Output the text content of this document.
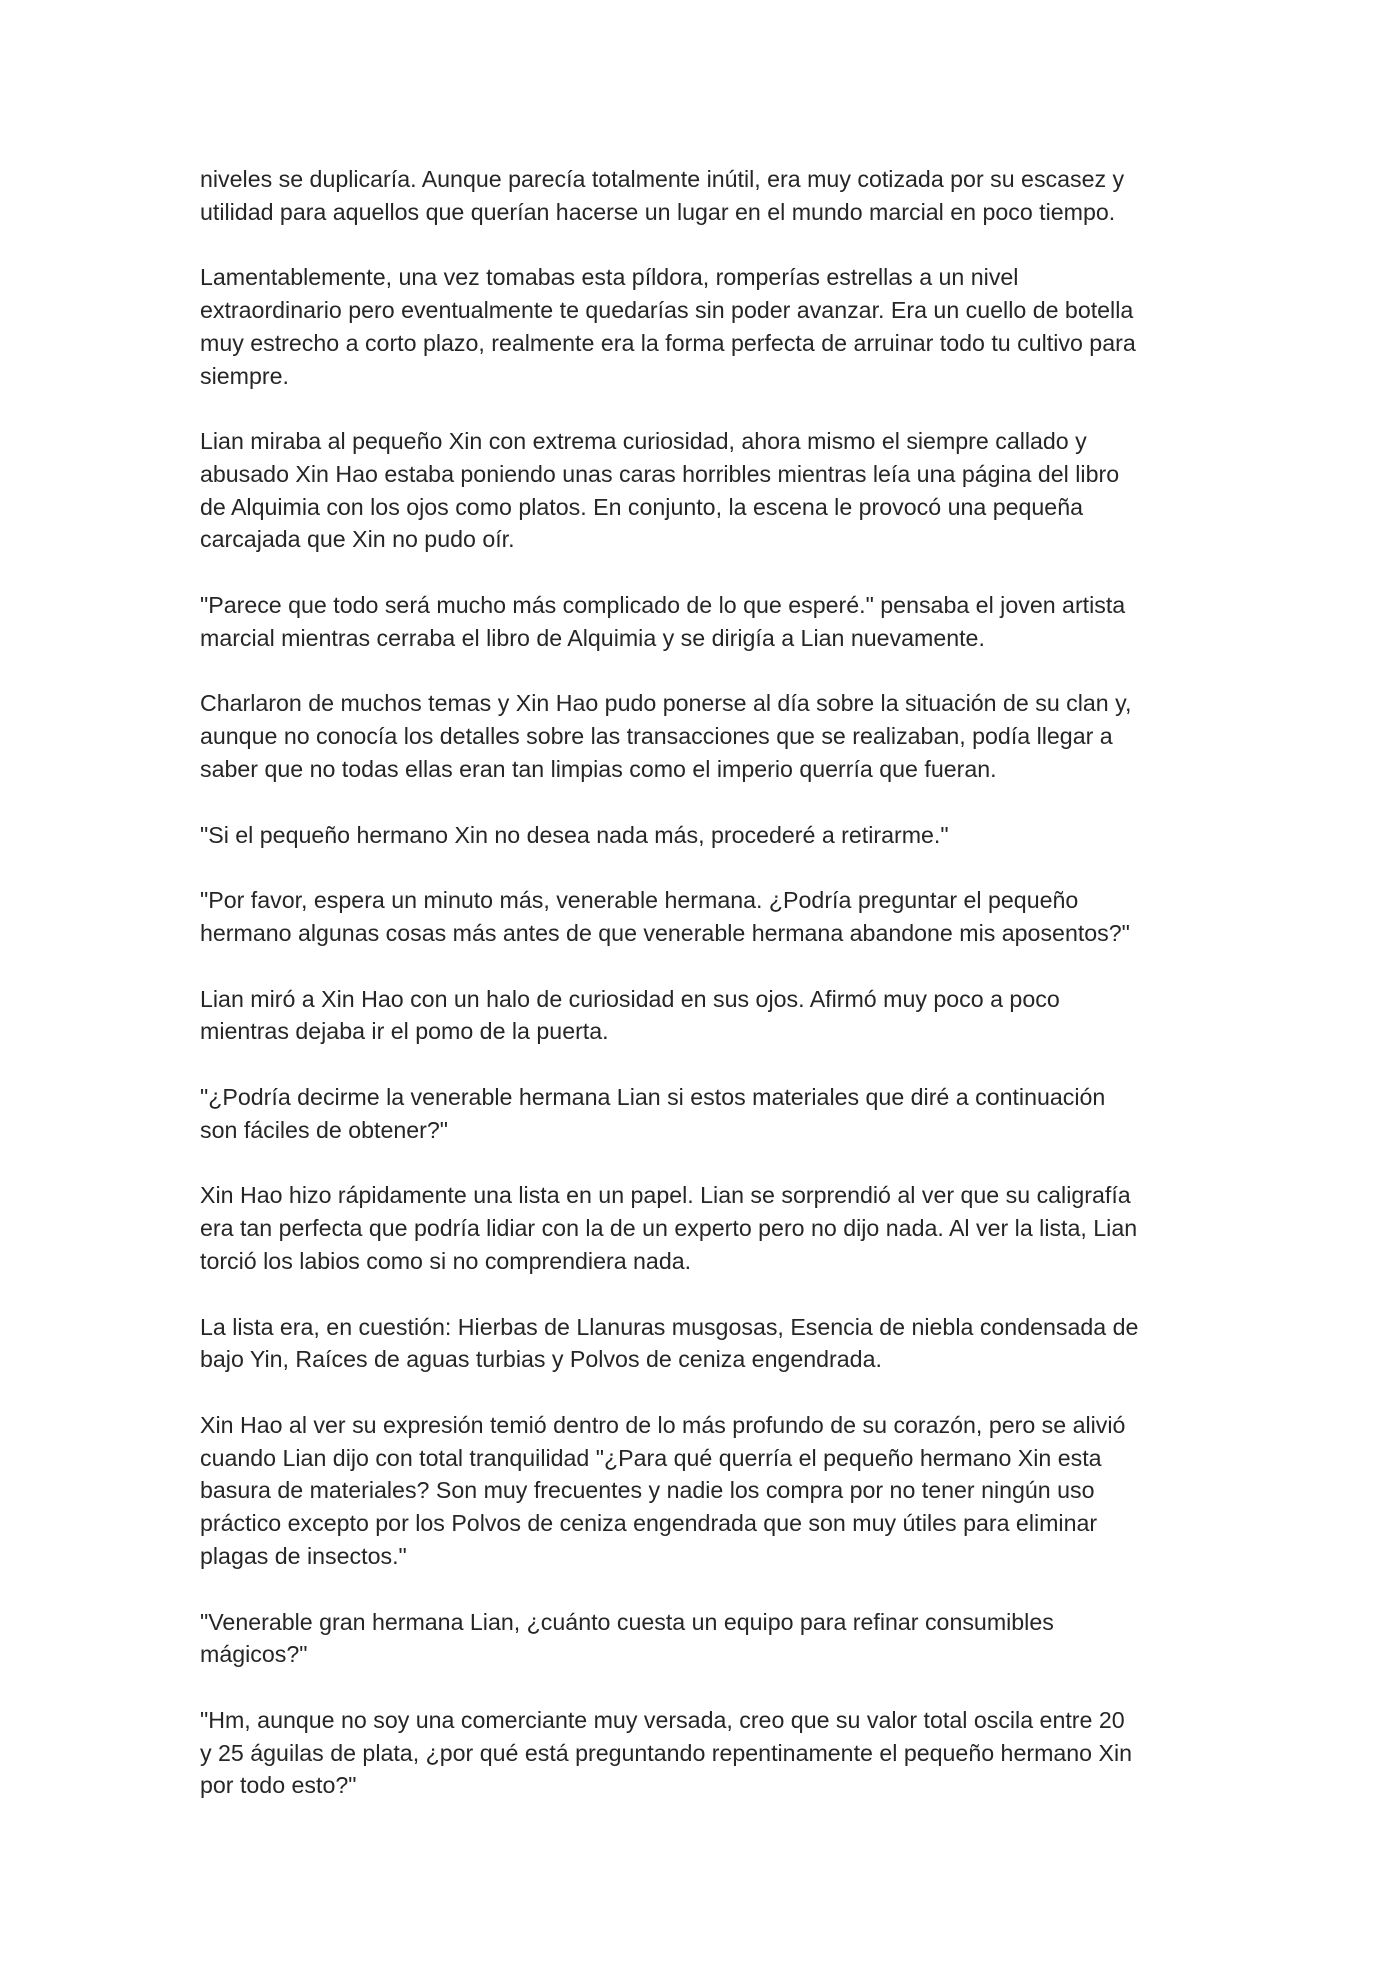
niveles se duplicaría. Aunque parecía totalmente inútil, era muy cotizada por su escasez y
utilidad para aquellos que querían hacerse un lugar en el mundo marcial en poco tiempo.

Lamentablemente, una vez tomabas esta píldora, romperías estrellas a un nivel
extraordinario pero eventualmente te quedarías sin poder avanzar. Era un cuello de botella
muy estrecho a corto plazo, realmente era la forma perfecta de arruinar todo tu cultivo para
siempre.

Lian miraba al pequeño Xin con extrema curiosidad, ahora mismo el siempre callado y
abusado Xin Hao estaba poniendo unas caras horribles mientras leía una página del libro
de Alquimia con los ojos como platos. En conjunto, la escena le provocó una pequeña
carcajada que Xin no pudo oír.

"Parece que todo será mucho más complicado de lo que esperé." pensaba el joven artista
marcial mientras cerraba el libro de Alquimia y se dirigía a Lian nuevamente.

Charlaron de muchos temas y Xin Hao pudo ponerse al día sobre la situación de su clan y,
aunque no conocía los detalles sobre las transacciones que se realizaban, podía llegar a
saber que no todas ellas eran tan limpias como el imperio querría que fueran.

"Si el pequeño hermano Xin no desea nada más, procederé a retirarme."

"Por favor, espera un minuto más, venerable hermana. ¿Podría preguntar el pequeño
hermano algunas cosas más antes de que venerable hermana abandone mis aposentos?"

Lian miró a Xin Hao con un halo de curiosidad en sus ojos. Afirmó muy poco a poco
mientras dejaba ir el pomo de la puerta.

"¿Podría decirme la venerable hermana Lian si estos materiales que diré a continuación
son fáciles de obtener?"

Xin Hao hizo rápidamente una lista en un papel. Lian se sorprendió al ver que su caligrafía
era tan perfecta que podría lidiar con la de un experto pero no dijo nada. Al ver la lista, Lian
torció los labios como si no comprendiera nada.

La lista era, en cuestión: Hierbas de Llanuras musgosas, Esencia de niebla condensada de
bajo Yin, Raíces de aguas turbias y Polvos de ceniza engendrada.

Xin Hao al ver su expresión temió dentro de lo más profundo de su corazón, pero se alivió
cuando Lian dijo con total tranquilidad "¿Para qué querría el pequeño hermano Xin esta
basura de materiales? Son muy frecuentes y nadie los compra por no tener ningún uso
práctico excepto por los Polvos de ceniza engendrada que son muy útiles para eliminar
plagas de insectos."

"Venerable gran hermana Lian, ¿cuánto cuesta un equipo para refinar consumibles
mágicos?"

"Hm, aunque no soy una comerciante muy versada, creo que su valor total oscila entre 20
y 25 águilas de plata, ¿por qué está preguntando repentinamente el pequeño hermano Xin
por todo esto?"
